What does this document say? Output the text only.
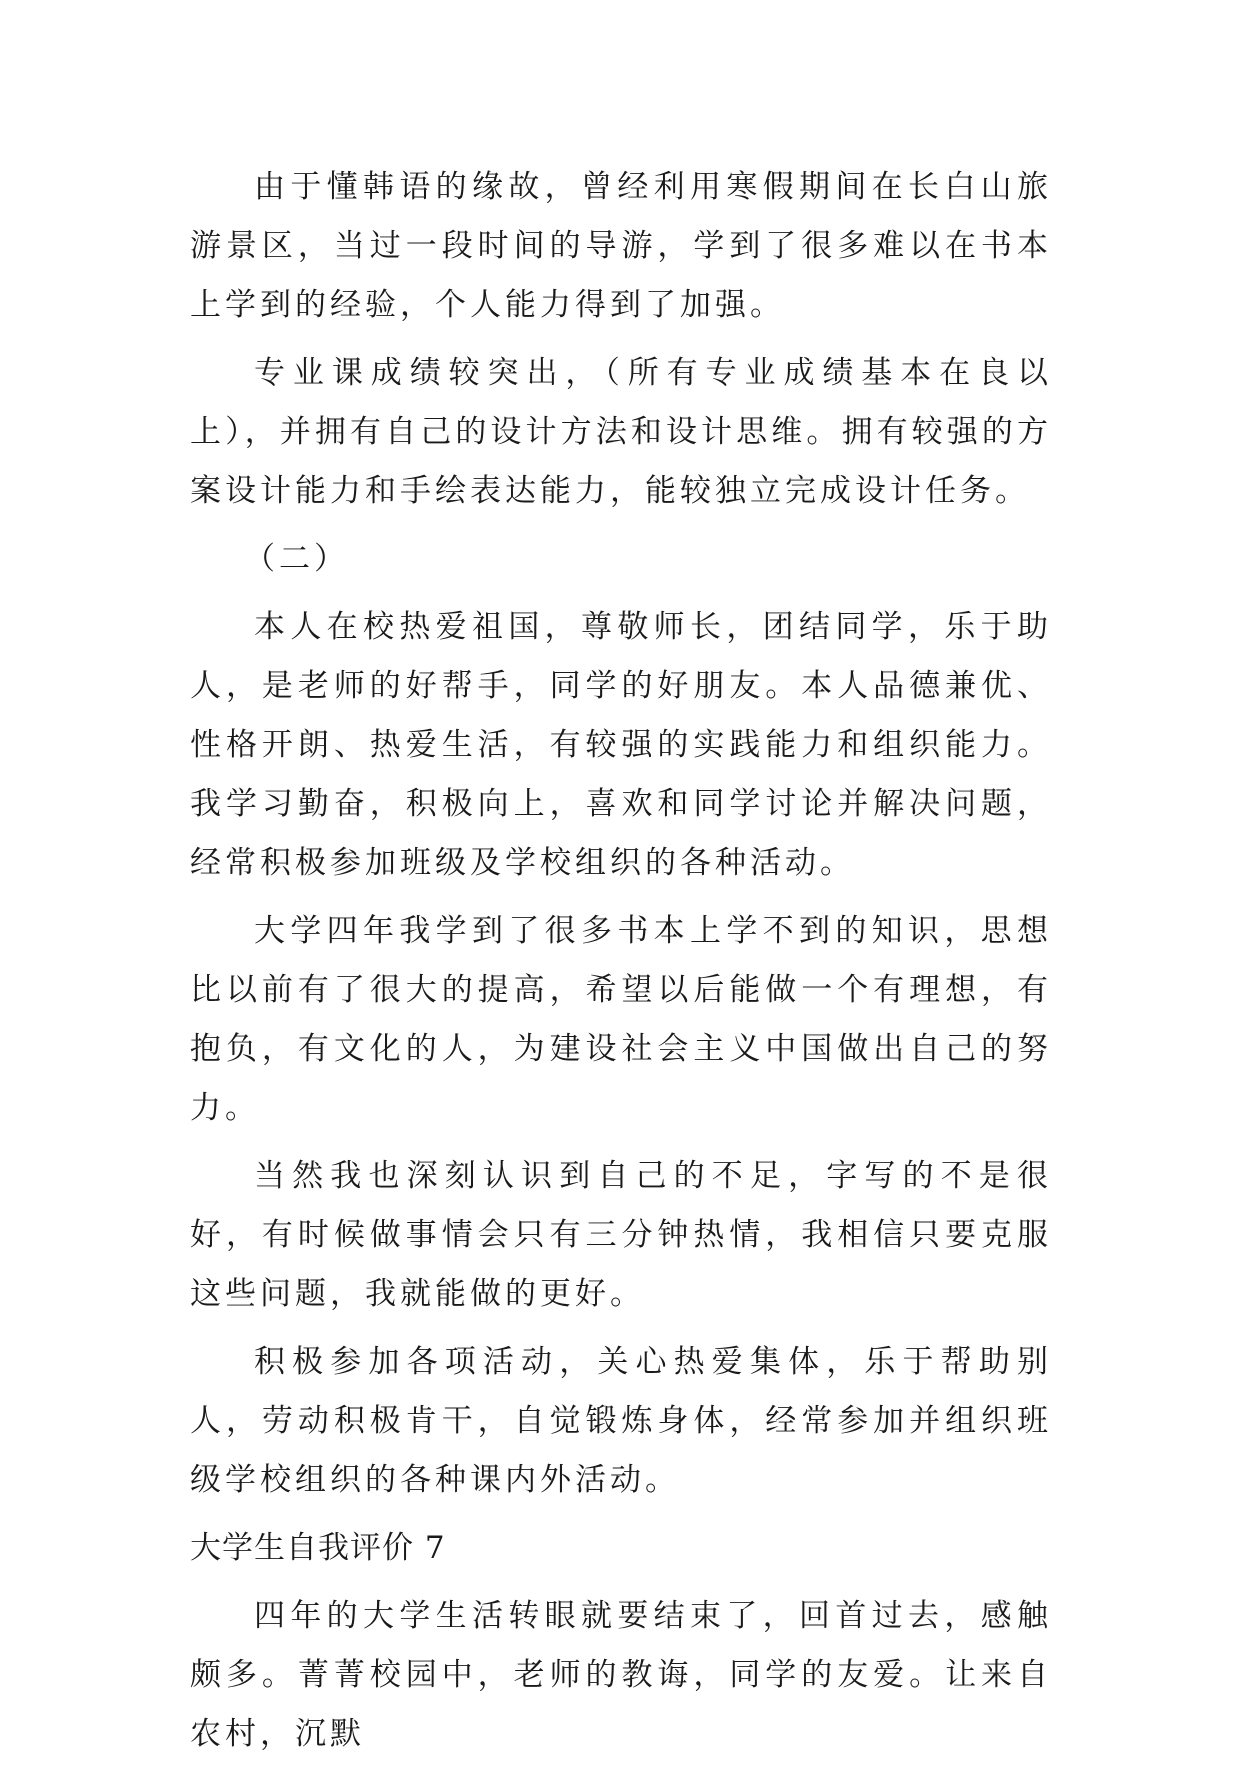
由于懂韩语的缘故，曾经利用寒假期间在长白山旅游景区，当过一段时间的导游，学到了很多难以在书本上学到的经验，个人能力得到了加强。

专业课成绩较突出，（所有专业成绩基本在良以上），并拥有自己的设计方法和设计思维。拥有较强的方案设计能力和手绘表达能力，能较独立完成设计任务。

（二）

本人在校热爱祖国，尊敬师长，团结同学，乐于助人，是老师的好帮手，同学的好朋友。本人品德兼优、性格开朗、热爱生活，有较强的实践能力和组织能力。我学习勤奋，积极向上，喜欢和同学讨论并解决问题，经常积极参加班级及学校组织的各种活动。

大学四年我学到了很多书本上学不到的知识，思想比以前有了很大的提高，希望以后能做一个有理想，有抱负，有文化的人，为建设社会主义中国做出自己的努力。

当然我也深刻认识到自己的不足，字写的不是很好，有时候做事情会只有三分钟热情，我相信只要克服这些问题，我就能做的更好。

积极参加各项活动，关心热爱集体，乐于帮助别人，劳动积极肯干，自觉锻炼身体，经常参加并组织班级学校组织的各种课内外活动。

大学生自我评价 7

四年的大学生活转眼就要结束了，回首过去，感触颇多。菁菁校园中，老师的教诲，同学的友爱。让来自农村，沉默
